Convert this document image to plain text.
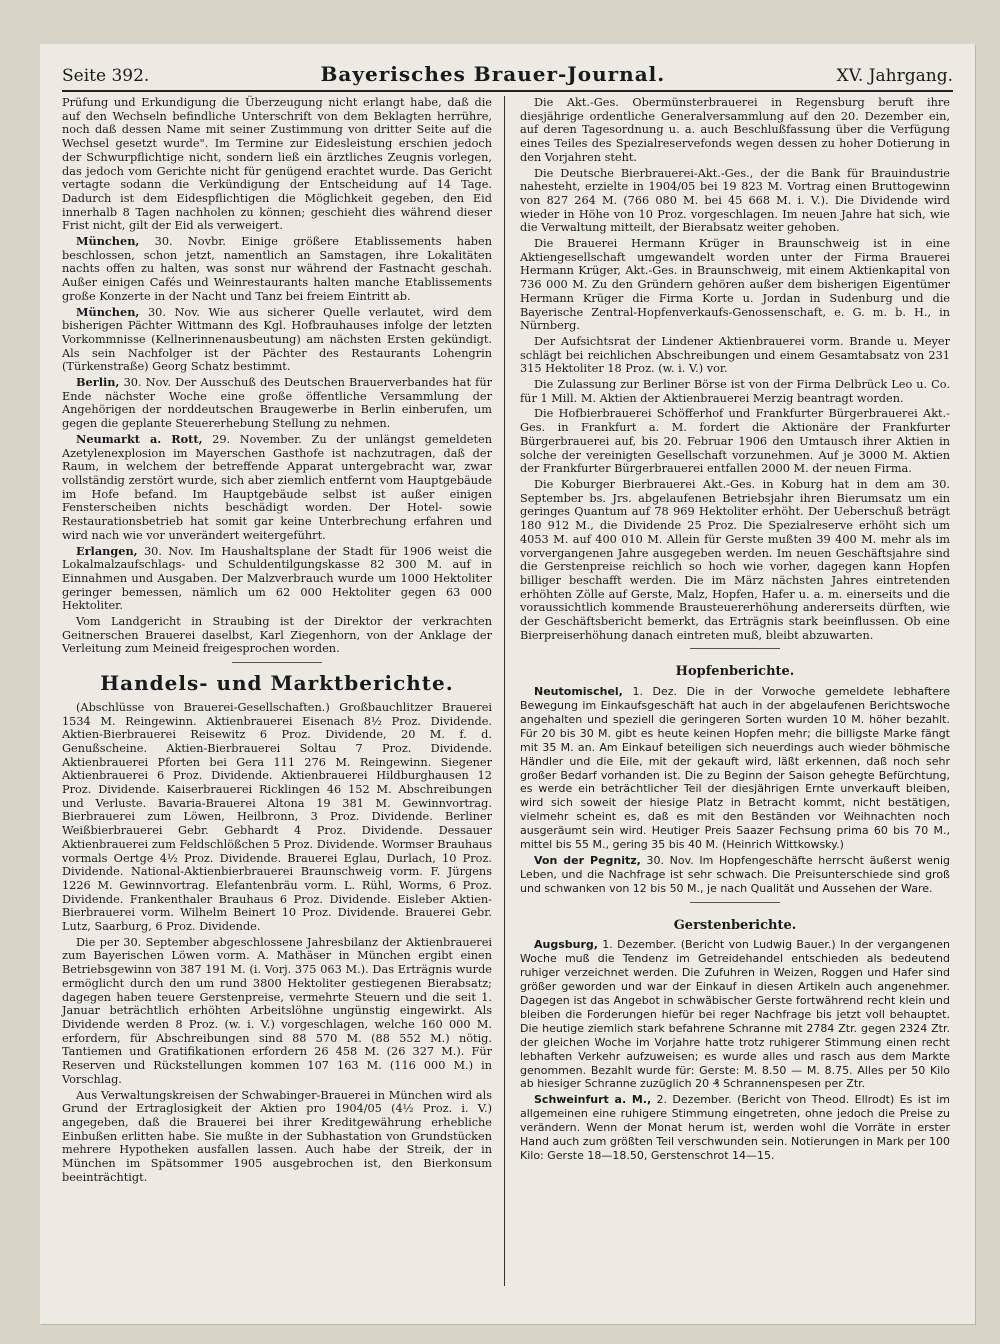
Seite 392.	Bayerisches Brauer-Journal.	XV. Jahrgang.

Prüfung und Erkundigung die Überzeugung nicht erlangt habe, daß die auf den Wechseln befindliche Unterschrift von dem Beklagten herrühre, noch daß dessen Name mit seiner Zustimmung von dritter Seite auf die Wechsel gesetzt wurde". Im Termine zur Eidesleistung erschien jedoch der Schwurpflichtige nicht, sondern ließ ein ärztliches Zeugnis vorlegen, das jedoch vom Gerichte nicht für genügend erachtet wurde. Das Gericht vertagte sodann die Verkündigung der Entscheidung auf 14 Tage. Dadurch ist dem Eidespflichtigen die Möglichkeit gegeben, den Eid innerhalb 8 Tagen nachholen zu können; geschieht dies während dieser Frist nicht, gilt der Eid als verweigert.

München, 30. Novbr. Einige größere Etablissements haben beschlossen, schon jetzt, namentlich an Samstagen, ihre Lokalitäten nachts offen zu halten, was sonst nur während der Fastnacht geschah. Außer einigen Cafés und Weinrestaurants halten manche Etablissements große Konzerte in der Nacht und Tanz bei freiem Eintritt ab.

München, 30. Nov. Wie aus sicherer Quelle verlautet, wird dem bisherigen Pächter Wittmann des Kgl. Hofbrauhauses infolge der letzten Vorkommnisse (Kellnerinnenausbeutung) am nächsten Ersten gekündigt. Als sein Nachfolger ist der Pächter des Restaurants Lohengrin (Türkenstraße) Georg Schatz bestimmt.

Berlin, 30. Nov. Der Ausschuß des Deutschen Brauerverbandes hat für Ende nächster Woche eine große öffentliche Versammlung der Angehörigen der norddeutschen Braugewerbe in Berlin einberufen, um gegen die geplante Steuererhebung Stellung zu nehmen.

Neumarkt a. Rott, 29. November. Zu der unlängst gemeldeten Azetylenexplosion im Mayerschen Gasthofe ist nachzutragen, daß der Raum, in welchem der betreffende Apparat untergebracht war, zwar vollständig zerstört wurde, sich aber ziemlich entfernt vom Hauptgebäude im Hofe befand. Im Hauptgebäude selbst ist außer einigen Fensterscheiben nichts beschädigt worden. Der Hotel- sowie Restaurationsbetrieb hat somit gar keine Unterbrechung erfahren und wird nach wie vor unverändert weitergeführt.

Erlangen, 30. Nov. Im Haushaltsplane der Stadt für 1906 weist die Lokalmalzaufschlags- und Schuldentilgungskasse 82 300 M. auf in Einnahmen und Ausgaben. Der Malzverbrauch wurde um 1000 Hektoliter geringer bemessen, nämlich um 62 000 Hektoliter gegen 63 000 Hektoliter.

Vom Landgericht in Straubing ist der Direktor der verkrachten Geitnerschen Brauerei daselbst, Karl Ziegenhorn, von der Anklage der Verleitung zum Meineid freigesprochen worden.

Handels- und Marktberichte.

(Abschlüsse von Brauerei-Gesellschaften.) Großbauchlitzer Brauerei 1534 M. Reingewinn. Aktienbrauerei Eisenach 8½ Proz. Dividende. Aktien-Bierbrauerei Reisewitz 6 Proz. Dividende, 20 M. f. d. Genußscheine. Aktien-Bierbrauerei Soltau 7 Proz. Dividende. Aktienbrauerei Pforten bei Gera 111 276 M. Reingewinn. Siegener Aktienbrauerei 6 Proz. Dividende. Aktienbrauerei Hildburghausen 12 Proz. Dividende. Kaiserbrauerei Ricklingen 46 152 M. Abschreibungen und Verluste. Bavaria-Brauerei Altona 19 381 M. Gewinnvortrag. Bierbrauerei zum Löwen, Heilbronn, 3 Proz. Dividende. Berliner Weißbierbrauerei Gebr. Gebhardt 4 Proz. Dividende. Dessauer Aktienbrauerei zum Feldschlößchen 5 Proz. Dividende. Wormser Brauhaus vormals Oertge 4½ Proz. Dividende. Brauerei Eglau, Durlach, 10 Proz. Dividende. National-Aktienbierbrauerei Braunschweig vorm. F. Jürgens 1226 M. Gewinnvortrag. Elefantenbräu vorm. L. Rühl, Worms, 6 Proz. Dividende. Frankenthaler Brauhaus 6 Proz. Dividende. Eisleber Aktien-Bierbrauerei vorm. Wilhelm Beinert 10 Proz. Dividende. Brauerei Gebr. Lutz, Saarburg, 6 Proz. Dividende.

Die per 30. September abgeschlossene Jahresbilanz der Aktienbrauerei zum Bayerischen Löwen vorm. A. Mathäser in München ergibt einen Betriebsgewinn von 387 191 M. (i. Vorj. 375 063 M.). Das Erträgnis wurde ermöglicht durch den um rund 3800 Hektoliter gestiegenen Bierabsatz; dagegen haben teuere Gerstenpreise, vermehrte Steuern und die seit 1. Januar beträchtlich erhöhten Arbeitslöhne ungünstig eingewirkt. Als Dividende werden 8 Proz. (w. i. V.) vorgeschlagen, welche 160 000 M. erfordern, für Abschreibungen sind 88 570 M. (88 552 M.) nötig. Tantiemen und Gratifikationen erfordern 26 458 M. (26 327 M.). Für Reserven und Rückstellungen kommen 107 163 M. (116 000 M.) in Vorschlag.

Aus Verwaltungskreisen der Schwabinger-Brauerei in München wird als Grund der Ertraglosigkeit der Aktien pro 1904/05 (4½ Proz. i. V.) angegeben, daß die Brauerei bei ihrer Kreditgewährung erhebliche Einbußen erlitten habe. Sie mußte in der Subhastation von Grundstücken mehrere Hypotheken ausfallen lassen. Auch habe der Streik, der in München im Spätsommer 1905 ausgebrochen ist, den Bierkonsum beeinträchtigt.

Die Akt.-Ges. Obermünsterbrauerei in Regensburg beruft ihre diesjährige ordentliche Generalversammlung auf den 20. Dezember ein, auf deren Tagesordnung u. a. auch Beschlußfassung über die Verfügung eines Teiles des Spezialreservefonds wegen dessen zu hoher Dotierung in den Vorjahren steht.

Die Deutsche Bierbrauerei-Akt.-Ges., der die Bank für Brauindustrie nahesteht, erzielte in 1904/05 bei 19 823 M. Vortrag einen Bruttogewinn von 827 264 M. (766 080 M. bei 45 668 M. i. V.). Die Dividende wird wieder in Höhe von 10 Proz. vorgeschlagen. Im neuen Jahre hat sich, wie die Verwaltung mitteilt, der Bierabsatz weiter gehoben.

Die Brauerei Hermann Krüger in Braunschweig ist in eine Aktiengesellschaft umgewandelt worden unter der Firma Brauerei Hermann Krüger, Akt.-Ges. in Braunschweig, mit einem Aktienkapital von 736 000 M. Zu den Gründern gehören außer dem bisherigen Eigentümer Hermann Krüger die Firma Korte u. Jordan in Sudenburg und die Bayerische Zentral-Hopfenverkaufs-Genossenschaft, e. G. m. b. H., in Nürnberg.

Der Aufsichtsrat der Lindener Aktienbrauerei vorm. Brande u. Meyer schlägt bei reichlichen Abschreibungen und einem Gesamtabsatz von 231 315 Hektoliter 18 Proz. (w. i. V.) vor.

Die Zulassung zur Berliner Börse ist von der Firma Delbrück Leo u. Co. für 1 Mill. M. Aktien der Aktienbrauerei Merzig beantragt worden.

Die Hofbierbrauerei Schöfferhof und Frankfurter Bürgerbrauerei Akt.-Ges. in Frankfurt a. M. fordert die Aktionäre der Frankfurter Bürgerbrauerei auf, bis 20. Februar 1906 den Umtausch ihrer Aktien in solche der vereinigten Gesellschaft vorzunehmen. Auf je 3000 M. Aktien der Frankfurter Bürgerbrauerei entfallen 2000 M. der neuen Firma.

Die Koburger Bierbrauerei Akt.-Ges. in Koburg hat in dem am 30. September bs. Jrs. abgelaufenen Betriebsjahr ihren Bierumsatz um ein geringes Quantum auf 78 969 Hektoliter erhöht. Der Ueberschuß beträgt 180 912 M., die Dividende 25 Proz. Die Spezialreserve erhöht sich um 4053 M. auf 400 010 M. Allein für Gerste mußten 39 400 M. mehr als im vorvergangenen Jahre ausgegeben werden. Im neuen Geschäftsjahre sind die Gerstenpreise reichlich so hoch wie vorher, dagegen kann Hopfen billiger beschafft werden. Die im März nächsten Jahres eintretenden erhöhten Zölle auf Gerste, Malz, Hopfen, Hafer u. a. m. einerseits und die voraussichtlich kommende Brausteuererhöhung andererseits dürften, wie der Geschäftsbericht bemerkt, das Erträgnis stark beeinflussen. Ob eine Bierpreiserhöhung danach eintreten muß, bleibt abzuwarten.

Hopfenberichte.

Neutomischel, 1. Dez. Die in der Vorwoche gemeldete lebhaftere Bewegung im Einkaufsgeschäft hat auch in der abgelaufenen Berichtswoche angehalten und speziell die geringeren Sorten wurden 10 M. höher bezahlt. Für 20 bis 30 M. gibt es heute keinen Hopfen mehr; die billigste Marke fängt mit 35 M. an. Am Einkauf beteiligen sich neuerdings auch wieder böhmische Händler und die Eile, mit der gekauft wird, läßt erkennen, daß noch sehr großer Bedarf vorhanden ist. Die zu Beginn der Saison gehegte Befürchtung, es werde ein beträchtlicher Teil der diesjährigen Ernte unverkauft bleiben, wird sich soweit der hiesige Platz in Betracht kommt, nicht bestätigen, vielmehr scheint es, daß es mit den Beständen vor Weihnachten noch ausgeräumt sein wird. Heutiger Preis Saazer Fechsung prima 60 bis 70 M., mittel bis 55 M., gering 35 bis 40 M. (Heinrich Wittkowsky.)

Von der Pegnitz, 30. Nov. Im Hopfengeschäfte herrscht äußerst wenig Leben, und die Nachfrage ist sehr schwach. Die Preisunterschiede sind groß und schwanken von 12 bis 50 M., je nach Qualität und Aussehen der Ware.

Gerstenberichte.

Augsburg, 1. Dezember. (Bericht von Ludwig Bauer.) In der vergangenen Woche muß die Tendenz im Getreidehandel entschieden als bedeutend ruhiger verzeichnet werden. Die Zufuhren in Weizen, Roggen und Hafer sind größer geworden und war der Einkauf in diesen Artikeln auch angenehmer. Dagegen ist das Angebot in schwäbischer Gerste fortwährend recht klein und bleiben die Forderungen hiefür bei reger Nachfrage bis jetzt voll behauptet. Die heutige ziemlich stark befahrene Schranne mit 2784 Ztr. gegen 2324 Ztr. der gleichen Woche im Vorjahre hatte trotz ruhigerer Stimmung einen recht lebhaften Verkehr aufzuweisen; es wurde alles und rasch aus dem Markte genommen. Bezahlt wurde für: Gerste: M. 8.50 — M. 8.75. Alles per 50 Kilo ab hiesiger Schranne zuzüglich 20 ₰ Schrannenspesen per Ztr.

Schweinfurt a. M., 2. Dezember. (Bericht von Theod. Ellrodt) Es ist im allgemeinen eine ruhigere Stimmung eingetreten, ohne jedoch die Preise zu verändern. Wenn der Monat herum ist, werden wohl die Vorräte in erster Hand auch zum größten Teil verschwunden sein. Notierungen in Mark per 100 Kilo: Gerste 18—18.50, Gerstenschrot 14—15.
